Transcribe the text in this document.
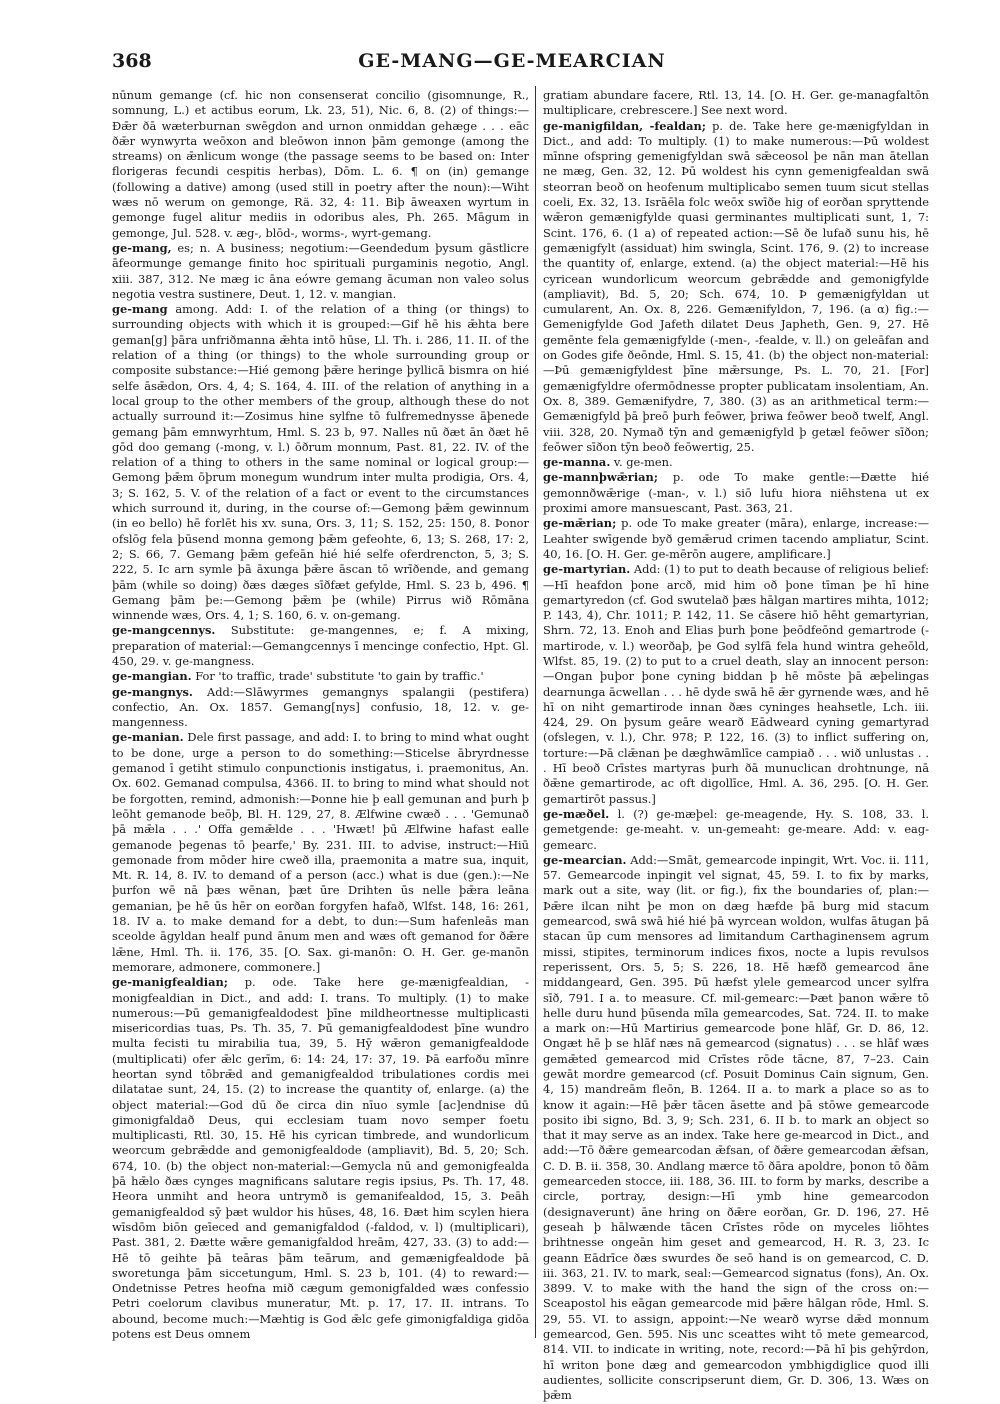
368	GE-MANG—GE-MEARCIAN

nūnum gemange (cf. hic non consenserat concilio (gisomnunge, R., somnung, L.) et actibus eorum, Lk. 23, 51), Nic. 6, 8. (2) of things:—Ðǣr ðā wæterburnan swēgdon and urnon onmiddan gehæge . . . eāc ðǣr wynwyrta weōxon and bleōwon innon þām gemonge (among the streams) on ǣnlicum wonge (the passage seems to be based on: Inter florigeras fecundi cespitis herbas), Dōm. L. 6. ¶ on (in) gemange (following a dative) among (used still in poetry after the noun):—Wiht wæs nō werum on gemonge, Rä. 32, 4: 11. Biþ āweaxen wyrtum in gemonge fugel alitur mediis in odoribus ales, Ph. 265. Māgum in gemonge, Jul. 528. v. æg-, blōd-, worms-, wyrt-gemang.

ge-mang, es; n. A business; negotium:—Geendedum þysum gāstlicre āfeormunge gemange finito hoc spirituali purgaminis negotio, Angl. xiii. 387, 312. Ne mæg ic āna eówre gemang ācuman non valeo solus negotia vestra sustinere, Deut. 1, 12. v. mangian.

ge-mang among. Add: I. of the relation of a thing (or things) to surrounding objects with which it is grouped:—Gif hē his ǣhta bere geman[g] þāra unfriðmanna ǣhta intō hūse, Ll. Th. i. 286, 11. II. of the relation of a thing (or things) to the whole surrounding group or composite substance:—Hié gemong þǣre heringe þyllicā bismra on hié selfe āsǣdon, Ors. 4, 4; S. 164, 4. III. of the relation of anything in a local group to the other members of the group, although these do not actually surround it:—Zosimus hine sylfne tō fulfremednysse āþenede gemang þām emnwyrhtum, Hml. S. 23 b, 97. Nalles nū ðæt ān ðæt hē gōd doo gemang (-mong, v. l.) ōðrum monnum, Past. 81, 22. IV. of the relation of a thing to others in the same nominal or logical group:—Gemong þǣm ōþrum monegum wundrum inter multa prodigia, Ors. 4, 3; S. 162, 5. V. of the relation of a fact or event to the circumstances which surround it, during, in the course of:—Gemong þǣm gewinnum (in eo bello) hē forlēt his xv. suna, Ors. 3, 11; S. 152, 25: 150, 8. Þonor ofslōg fela þūsend monna gemong þǣm gefeohte, 6, 13; S. 268, 17: 2, 2; S. 66, 7. Gemang þǣm gefeān hié hié selfe oferdrencton, 5, 3; S. 222, 5. Ic arn symle þā āxunga þǣre āscan tō wrīðende, and gemang þām (while so doing) ðæs dæges sīðfæt gefylde, Hml. S. 23 b, 496. ¶ Gemang þām þe:—Gemong þǣm þe (while) Pirrus wið Rōmāna winnende wæs, Ors. 4, 1; S. 160, 6. v. on-gemang.

ge-mangcennys. Substitute: ge-mangennes, e; f. A mixing, preparation of material:—Gemangcennys ī mencinge confectio, Hpt. Gl. 450, 29. v. ge-mangness.

ge-mangian. For 'to traffic, trade' substitute 'to gain by traffic.'

ge-mangnys. Add:—Slāwyrmes gemangnys spalangii (pestifera) confectio, An. Ox. 1857. Gemang[nys] confusio, 18, 12. v. ge-mangenness.

ge-manian. Dele first passage, and add: I. to bring to mind what ought to be done, urge a person to do something:—Sticelse ābryrdnesse gemanod ī getiht stimulo conpunctionis instigatus, i. praemonitus, An. Ox. 602. Gemanad compulsa, 4366. II. to bring to mind what should not be forgotten, remind, admonish:—Þonne hie þ eall gemunan and þurh þ leōht gemanode beōþ, Bl. H. 129, 27, 8. Ælfwine cwæð . . . 'Gemunað þā mǣla . . .' Offa gemǣlde . . . 'Hwæt! þū Ælfwine hafast ealle gemanode þegenas tō þearfe,' By. 231. III. to advise, instruct:—Hiū gemonade from mōder hire cweð illa, praemonita a matre sua, inquit, Mt. R. 14, 8. IV. to demand of a person (acc.) what is due (gen.):—Ne þurfon wē nā þæs wēnan, þæt ūre Drihten ūs nelle þǣra leāna gemanian, þe hē ūs hēr on eorðan forgyfen hafað, Wlfst. 148, 16: 261, 18. IV a. to make demand for a debt, to dun:—Sum hafenleās man sceolde āgyldan healf pund ānum men and wæs oft gemanod for ðǣre lǣne, Hml. Th. ii. 176, 35. [O. Sax. gi-manōn: O. H. Ger. ge-manōn memorare, admonere, commonere.]

ge-manigfealdian; p. ode. Take here ge-mænigfealdian, -monigfealdian in Dict., and add: I. trans. To multiply. (1) to make numerous:—Þū gemanigfealdodest þīne mildheortnesse multiplicasti misericordias tuas, Ps. Th. 35, 7. Þū gemanigfealdodest þīne wundro multa fecisti tu mirabilia tua, 39, 5. Hȳ wǣron gemanigfealdode (multiplicati) ofer ǣlc gerīm, 6: 14: 24, 17: 37, 19. Þā earfoðu mīnre heortan synd tōbrǣd and gemanigfealdod tribulationes cordis mei dilatatae sunt, 24, 15. (2) to increase the quantity of, enlarge. (a) the object material:—God dū ðe circa din nīuo symle [ac]endnise dū gimonigfaldað Deus, qui ecclesiam tuam novo semper foetu multiplicasti, Rtl. 30, 15. Hē his cyrican timbrede, and wundorlicum weorcum gebrǣdde and gemonigfealdode (ampliavit), Bd. 5, 20; Sch. 674, 10. (b) the object non-material:—Gemycla nū and gemonigfealda þā hǣlo ðæs cynges magnificans salutare regis ipsius, Ps. Th. 17, 48. Heora unmiht and heora untrymð is gemanifealdod, 15, 3. Þeāh gemanigfealdod sȳ þæt wuldor his hūses, 48, 16. Ðæt him scylen hiera wīsdōm biōn geīeced and gemanigfaldod (-faldod, v. l) (multiplicari), Past. 381, 2. Ðætte wǣre gemanigfaldod hreām, 427, 33. (3) to add:—Hē tō geihte þā teāras þām teārum, and gemænigfealdode þā sworetunga þām siccetungum, Hml. S. 23 b, 101. (4) to reward:—Ondetnisse Petres heofna mið cægum gemonigfalded wæs confessio Petri coelorum clavibus muneratur, Mt. p. 17, 17. II. intrans. To abound, become much:—Mæhtig is God ǣlc gefe gimonigfaldiga gidōa potens est Deus omnem

gratiam abundare facere, Rtl. 13, 14. [O. H. Ger. ge-managfaltōn multiplicare, crebrescere.] See next word.

ge-manigfildan, -fealdan; p. de. Take here ge-mænigfyldan in Dict., and add: To multiply. (1) to make numerous:—Þū woldest mīnne ofspring gemenigfyldan swā sǣceosol þe nān man ātellan ne mæg, Gen. 32, 12. Þū woldest his cynn gemenigfealdan swā steorran beoð on heofenum multiplicabo semen tuum sicut stellas coeli, Ex. 32, 13. Isrāēla folc weōx swīðe hig of eorðan spryttende wǣron gemænigfylde quasi germinantes multiplicati sunt, 1, 7: Scint. 176, 6. (1 a) of repeated action:—Sē ðe lufað sunu his, hē gemænigfylt (assiduat) him swingla, Scint. 176, 9. (2) to increase the quantity of, enlarge, extend. (a) the object material:—Hē his cyricean wundorlicum weorcum gebrǣdde and gemonigfylde (ampliavit), Bd. 5, 20; Sch. 674, 10. Þ gemænigfyldan ut cumularent, An. Ox. 8, 226. Gemænifyldon, 7, 196. (a α) fig.:—Gemenigfylde God Jafeth dilatet Deus Japheth, Gen. 9, 27. Hē gemēnte fela gemænigfylde (-men-, -fealde, v. ll.) on geleāfan and on Godes gife ðeōnde, Hml. S. 15, 41. (b) the object non-material:—Þū gemænigfyldest þīne mǣrsunge, Ps. L. 70, 21. [For] gemænigfyldre ofermōdnesse propter publicatam insolentiam, An. Ox. 8, 389. Gemænifydre, 7, 380. (3) as an arithmetical term:—Gemænigfyld þā þreō þurh feōwer, þriwa feōwer beoð twelf, Angl. viii. 328, 20. Nymað tȳn and gemænigfyld þ getæl feōwer sīðon; feōwer sīðon tȳn beoð feōwertig, 25.

ge-manna. v. ge-men.

ge-mannþwǣrian; p. ode To make gentle:—Ðætte hié gemonnðwǣrige (-man-, v. l.) siō lufu hiora niēhstena ut ex proximi amore mansuescant, Past. 363, 21.

ge-mǣrian; p. ode To make greater (māra), enlarge, increase:—Leahter swīgende byð gemǣrud crimen tacendo ampliatur, Scint. 40, 16. [O. H. Ger. ge-mērōn augere, amplificare.]

ge-martyrian. Add: (1) to put to death because of religious belief:—Hī heafdon þone arcð, mid him oð þone tīman þe hī hine gemartyredon (cf. God swutelað þæs hālgan martires mihta, 1012; P. 143, 4), Chr. 1011; P. 142, 11. Se cāsere hiō hēht gemartyrian, Shrn. 72, 13. Enoh and Elias þurh þone þeōdfeōnd gemartrode (-martirode, v. l.) weorðaþ, þe God sylfā fela hund wintra geheōld, Wlfst. 85, 19. (2) to put to a cruel death, slay an innocent person:—Ongan þuþor þone cyning biddan þ hē mōste þā æþelingas dearnunga ācwellan . . . hē dyde swā hē ǣr gyrnende wæs, and hē hī on niht gemartirode innan ðæs cyninges heahsetle, Lch. iii. 424, 29. On þysum geāre wearð Eādweard cyning gemartyrad (ofslegen, v. l.), Chr. 978; P. 122, 16. (3) to inflict suffering on, torture:—Þā clǣnan þe dæghwāmlīce campiað . . . wið unlustas . . . Hī beoð Crīstes martyras þurh ðā munuclican drohtnunge, nā ðǣne gemartirode, ac oft digollīce, Hml. A. 36, 295. [O. H. Ger. gemartirōt passus.]

ge-mæðel. l. (?) ge-mæþel: ge-meagende, Hy. S. 108, 33. l. gemetgende: ge-meaht. v. un-gemeaht: ge-meare. Add: v. eag-gemearc.

ge-mearcian. Add:—Smāt, gemearcode inpingit, Wrt. Voc. ii. 111, 57. Gemearcode inpingit vel signat, 45, 59. I. to fix by marks, mark out a site, way (lit. or fig.), fix the boundaries of, plan:—Þǣre ilcan niht þe mon on dæg hæfde þā burg mid stacum gemearcod, swā swā hié hié þā wyrcean woldon, wulfas ātugan þā stacan ūp cum mensores ad limitandum Carthaginensem agrum missi, stipites, terminorum indices fixos, nocte a lupis revulsos reperissent, Ors. 5, 5; S. 226, 18. Hē hæfð gemearcod āne middangeard, Gen. 395. Þū hæfst ylele gemearcod uncer sylfra sīð, 791. I a. to measure. Cf. mil-gemearc:—Þæt þanon wǣre tō helle duru hund þūsenda mīla gemearcodes, Sat. 724. II. to make a mark on:—Hū Martirius gemearcode þone hlāf, Gr. D. 86, 12. Ongæt hē þ se hlāf næs nā gemearcod (signatus) . . . se hlāf wæs gemǣted gemearcod mid Crīstes rōde tācne, 87, 7–23. Cain gewāt mordre gemearcod (cf. Posuit Dominus Cain signum, Gen. 4, 15) mandreām fleōn, B. 1264. II a. to mark a place so as to know it again:—Hē þǣr tācen āsette and þā stōwe gemearcode posito ibi signo, Bd. 3, 9; Sch. 231, 6. II b. to mark an object so that it may serve as an index. Take here ge-mearcod in Dict., and add:—Tō ðǣre gemearcodan ǣfsan, of ðǣre gemearcodan ǣfsan, C. D. B. ii. 358, 30. Andlang mærce tō ðāra apoldre, þonon tō ðām gemearceden stocce, iii. 188, 36. III. to form by marks, describe a circle, portray, design:—Hī ymb hine gemearcodon (designaverunt) āne hring on ðǣre eorðan, Gr. D. 196, 27. Hē geseah þ hālwænde tācen Crīstes rōde on myceles liōhtes brihtnesse ongeān him geset and gemearcod, H. R. 3, 23. Ic geann Eādrīce ðæs swurdes ðe seō hand is on gemearcod, C. D. iii. 363, 21. IV. to mark, seal:—Gemearcod signatus (fons), An. Ox. 3899. V. to make with the hand the sign of the cross on:—Sceapostol his eāgan gemearcode mid þǣre hālgan rōde, Hml. S. 29, 55. VI. to assign, appoint:—Ne wearð wyrse dǣd monnum gemearcod, Gen. 595. Nis unc sceattes wiht tō mete gemearcod, 814. VII. to indicate in writing, note, record:—Þā hī þis gehȳrdon, hī writon þone dæg and gemearcodon ymbhigdiglice quod illi audientes, sollicite conscripserunt diem, Gr. D. 306, 13. Wæs on þǣm
